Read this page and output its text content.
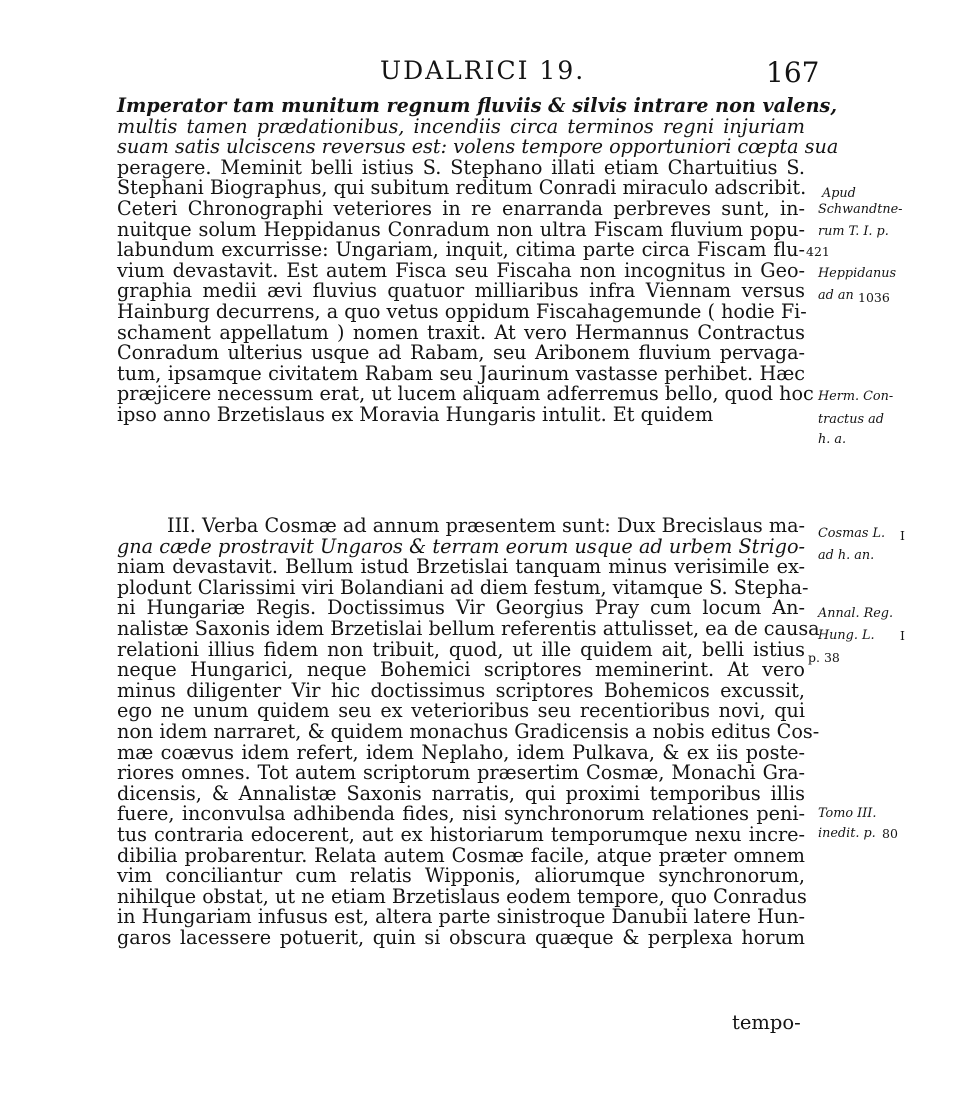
UDALRICI 19.	167
Imperator tam munitum regnum fluviis & silvis intrare non valens,
multis tamen prædationibus, incendiis circa terminos regni injuriam
suam satis ulciscens reversus est: volens tempore opportuniori cœpta sua
peragere. Meminit belli istius S. Stephano illati etiam Chartuitius S.
Stephani Biographus, qui subitum reditum Conradi miraculo adscribit.
Ceteri Chronographi veteriores in re enarranda perbreves sunt, in-
nuitque solum Heppidanus Conradum non ultra Fiscam fluvium popu-
labundum excurrisse: Ungariam, inquit, citima parte circa Fiscam flu-
vium devastavit. Est autem Fisca seu Fiscaha non incognitus in Geo-
graphia medii ævi fluvius quatuor milliaribus infra Viennam versus
Hainburg decurrens, a quo vetus oppidum Fiscahagemunde ( hodie Fi-
schament appellatum ) nomen traxit. At vero Hermannus Contractus
Conradum ulterius usque ad Rabam, seu Aribonem fluvium pervaga-
tum, ipsamque civitatem Rabam seu Jaurinum vastasse perhibet. Hæc
præjicere necessum erat, ut lucem aliquam adferremus bello, quod hoc
ipso anno Brzetislaus ex Moravia Hungaris intulit. Et quidem
III. Verba Cosmæ ad annum præsentem sunt: Dux Brecislaus ma-
gna cæde prostravit Ungaros & terram eorum usque ad urbem Strigo-
niam devastavit. Bellum istud Brzetislai tanquam minus verisimile ex-
plodunt Clarissimi viri Bolandiani ad diem festum, vitamque S. Stepha-
ni Hungariæ Regis. Doctissimus Vir Georgius Pray cum locum An-
nalistæ Saxonis idem Brzetislai bellum referentis attulisset, ea de causa
relationi illius fidem non tribuit, quod, ut ille quidem ait, belli istius
neque Hungarici, neque Bohemici scriptores meminerint. At vero
minus diligenter Vir hic doctissimus scriptores Bohemicos excussit,
ego ne unum quidem seu ex veterioribus seu recentioribus novi, qui
non idem narraret, & quidem monachus Gradicensis a nobis editus Cos-
mæ coævus idem refert, idem Neplaho, idem Pulkava, & ex iis poste-
riores omnes. Tot autem scriptorum præsertim Cosmæ, Monachi Gra-
dicensis, & Annalistæ Saxonis narratis, qui proximi temporibus illis
fuere, inconvulsa adhibenda fides, nisi synchronorum relationes peni-
tus contraria edocerent, aut ex historiarum temporumque nexu incre-
dibilia probarentur. Relata autem Cosmæ facile, atque præter omnem
vim conciliantur cum relatis Wipponis, aliorumque synchronorum,
nihilque obstat, ut ne etiam Brzetislaus eodem tempore, quo Conradus
in Hungariam infusus est, altera parte sinistroque Danubii latere Hun-
garos lacessere potuerit, quin si obscura quæque & perplexa horum
tempo-
Apud
Schwandtne-
rum T. I. p.
421
Heppidanus
ad an 1036
Herm. Con-
tractus ad
h. a.
Cosmas L. I
ad h. an.
Annal. Reg.
Hung. L. I
p. 38
Tomo III.
inedit. p. 80
